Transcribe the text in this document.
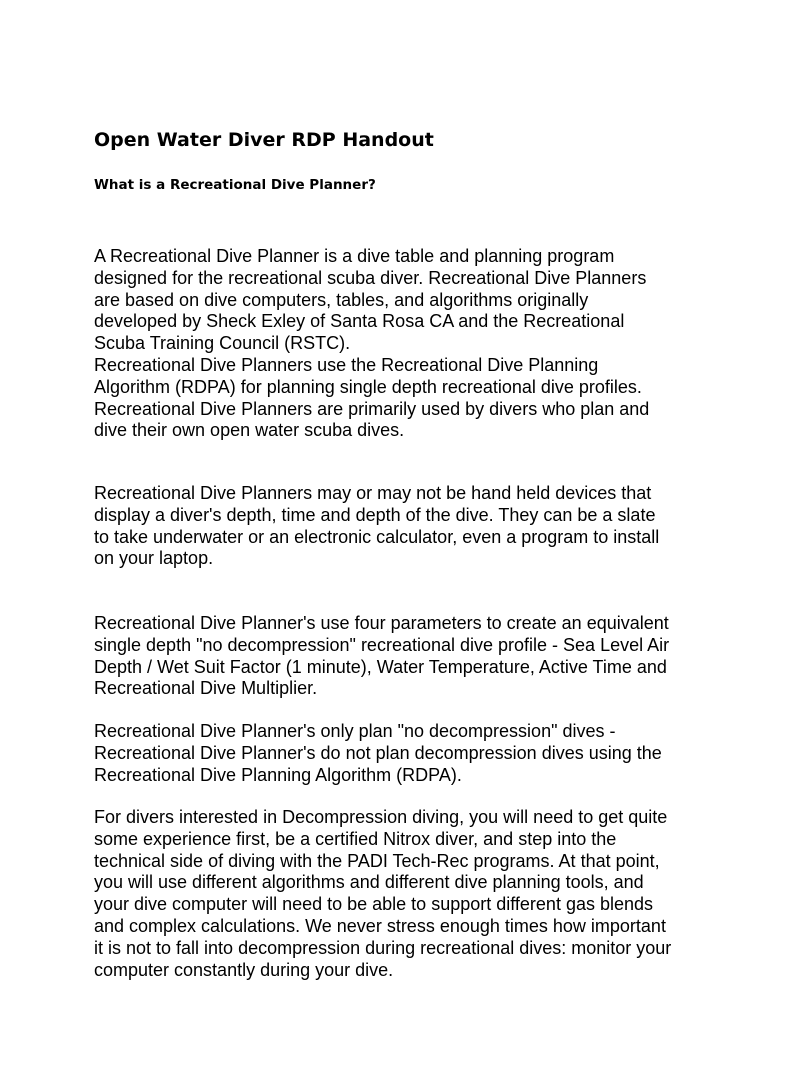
Open Water Diver RDP Handout
What is a Recreational Dive Planner?

A Recreational Dive Planner is a dive table and planning program
designed for the recreational scuba diver. Recreational Dive Planners
are based on dive computers, tables, and algorithms originally
developed by Sheck Exley of Santa Rosa CA and the Recreational
Scuba Training Council (RSTC).
Recreational Dive Planners use the Recreational Dive Planning
Algorithm (RDPA) for planning single depth recreational dive profiles.
Recreational Dive Planners are primarily used by divers who plan and
dive their own open water scuba dives.

Recreational Dive Planners may or may not be hand held devices that
display a diver's depth, time and depth of the dive. They can be a slate
to take underwater or an electronic calculator, even a program to install
on your laptop.

Recreational Dive Planner's use four parameters to create an equivalent
single depth "no decompression" recreational dive profile - Sea Level Air
Depth / Wet Suit Factor (1 minute), Water Temperature, Active Time and
Recreational Dive Multiplier.

Recreational Dive Planner's only plan "no decompression" dives -
Recreational Dive Planner's do not plan decompression dives using the
Recreational Dive Planning Algorithm (RDPA).

For divers interested in Decompression diving, you will need to get quite
some experience first, be a certified Nitrox diver, and step into the
technical side of diving with the PADI Tech-Rec programs. At that point,
you will use different algorithms and different dive planning tools, and
your dive computer will need to be able to support different gas blends
and complex calculations. We never stress enough times how important
it is not to fall into decompression during recreational dives: monitor your
computer constantly during your dive.
